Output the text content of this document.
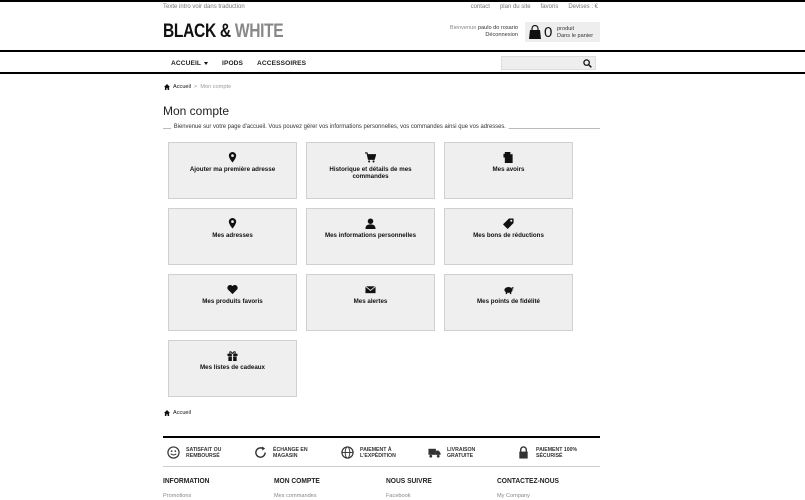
Texte intro voir dans traduction	contact plan du site favoris Devises : €
BLACK & WHITE	Bienvenue paulo do rosario
Déconnexion 0 produit
Dans le panier
ACCUEIL	IPODS ACCESSOIRES
Accueil > Mon compte
Mon compte
Bienvenue sur votre page d'accueil. Vous pouvez gérer vos informations personnelles, vos commandes ainsi que vos adresses.
Ajouter ma première adresse	Historique et détails de mes commandes
Mes avoirs
Mes adresses	Mes informations personnelles	Mes bons de réductions
Mes produits favoris	Mes alertes	Mes points de fidélité
Mes listes de cadeaux
Accueil
SATISFAIT OU
REMBOURSÉ
ÉCHANGE EN
MAGASIN
PAIEMENT À
L'EXPÉDITION
LIVRAISON
GRATUITE
PAIEMENT 100%
SÉCURISÉ
INFORMATION

Promotions

MON COMPTE

Mes commandes

NOUS SUIVRE

Facebook

CONTACTEZ-NOUS

My Company
